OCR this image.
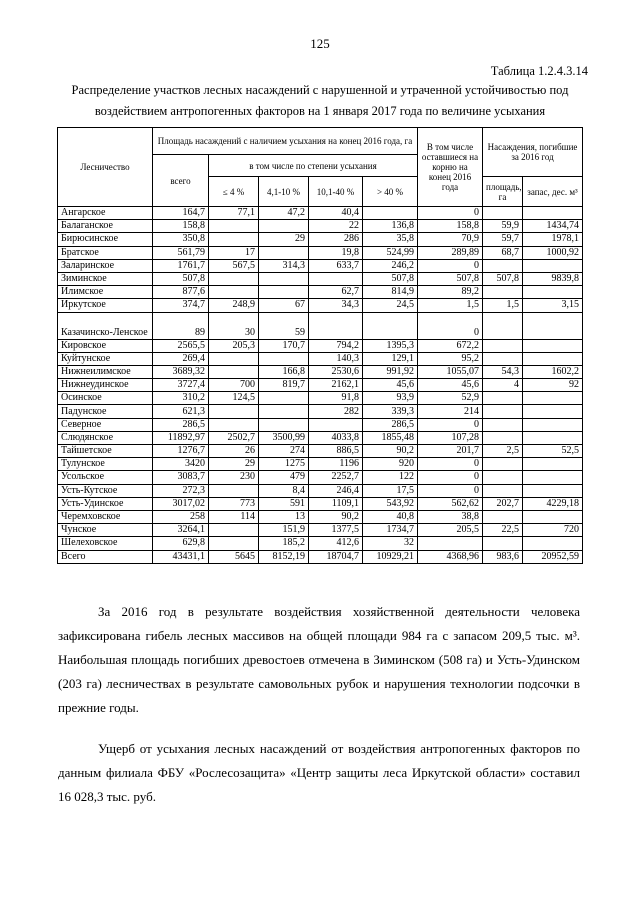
125
Таблица 1.2.4.3.14
Распределение участков лесных насаждений с нарушенной и утраченной устойчивостью под воздействием антропогенных факторов на 1 января 2017 года по величине усыхания
Лесничество	Площадь насаждений с наличием усыхания на конец 2016 года, га					В том числе оставшиеся на корню на конец 2016 года	Насаждения, погибшие за 2016 год	
	всего	в том числе по степени усыхания						
		≤ 4 %	4,1-10 %	10,1-40 %	> 40 %		площадь, га	запас, дес. м³
Ангарское	164,7	77,1	47,2	40,4		0		
Балаганское	158,8			22	136,8	158,8	59,9	1434,74
Бирюсинское	350,8		29	286	35,8	70,9	59,7	1978,1
Братское	561,79	17		19,8	524,99	289,89	68,7	1000,92
Заларинское	1761,7	567,5	314,3	633,7	246,2	0		
Зиминское	507,8				507,8	507,8	507,8	9839,8
Илимское	877,6			62,7	814,9	89,2		
Иркутское	374,7	248,9	67	34,3	24,5	1,5	1,5	3,15
Казачинско-Ленское	89	30	59			0		
Кировское	2565,5	205,3	170,7	794,2	1395,3	672,2		
Куйтунское	269,4			140,3	129,1	95,2		
Нижнеилимское	3689,32		166,8	2530,6	991,92	1055,07	54,3	1602,2
Нижнеудинское	3727,4	700	819,7	2162,1	45,6	45,6	4	92
Осинское	310,2	124,5		91,8	93,9	52,9		
Падунское	621,3			282	339,3	214		
Северное	286,5				286,5	0		
Слюдянское	11892,97	2502,7	3500,99	4033,8	1855,48	107,28		
Тайшетское	1276,7	26	274	886,5	90,2	201,7	2,5	52,5
Тулунское	3420	29	1275	1196	920	0		
Усольское	3083,7	230	479	2252,7	122	0		
Усть-Кутское	272,3		8,4	246,4	17,5	0		
Усть-Удинское	3017,02	773	591	1109,1	543,92	562,62	202,7	4229,18
Черемховское	258	114	13	90,2	40,8	38,8		
Чунское	3264,1		151,9	1377,5	1734,7	205,5	22,5	720
Шелеховское	629,8		185,2	412,6	32			
Всего	43431,1	5645	8152,19	18704,7	10929,21	4368,96	983,6	20952,59
За 2016 год в результате воздействия хозяйственной деятельности человека зафиксирована гибель лесных массивов на общей площади 984 га с запасом 209,5 тыс. м³. Наибольшая площадь погибших древостоев отмечена в Зиминском (508 га) и Усть-Удинском (203 га) лесничествах в результате самовольных рубок и нарушения технологии подсочки в прежние годы.
Ущерб от усыхания лесных насаждений от воздействия антропогенных факторов по данным филиала ФБУ «Рослесозащита» «Центр защиты леса Иркутской области» составил 16 028,3 тыс. руб.
